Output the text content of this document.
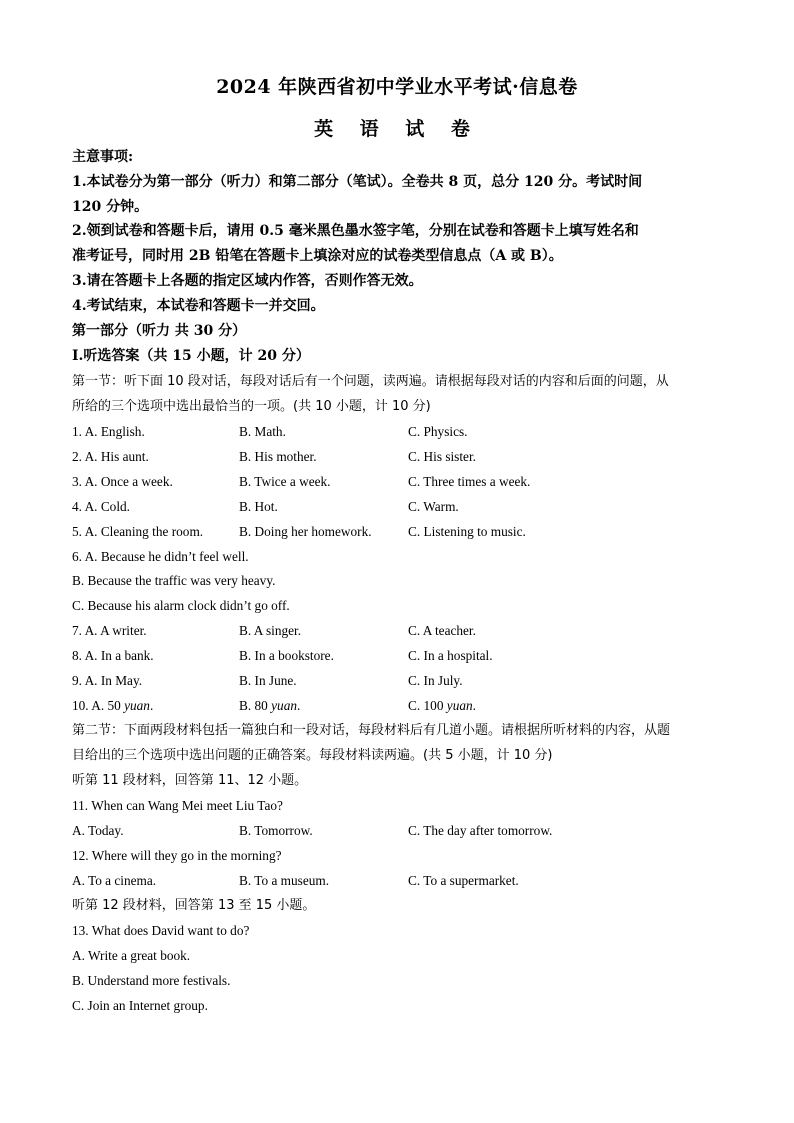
2024 年陕西省初中学业水平考试·信息卷
英 语 试 卷
主意事项:
1.本试卷分为第一部分（听力）和第二部分（笔试）。全卷共 8 页，总分 120 分。考试时间
120 分钟。
2.领到试卷和答题卡后，请用 0.5 毫米黑色墨水签字笔，分别在试卷和答题卡上填写姓名和
准考证号，同时用 2B 铅笔在答题卡上填涂对应的试卷类型信息点（A 或 B）。
3.请在答题卡上各题的指定区域内作答，否则作答无效。
4.考试结束，本试卷和答题卡一并交回。
第一部分（听力 共 30 分）
I.听选答案（共 15 小题，计 20 分）
第一节：听下面 10 段对话，每段对话后有一个问题，读两遍。请根据每段对话的内容和后面的问题，从
所给的三个选项中选出最恰当的一项。(共 10 小题，计 10 分)
1. A. English.	B. Math.	C. Physics.
2. A. His aunt.	B. His mother.	C. His sister.
3. A. Once a week.	B. Twice a week.	C. Three times a week.
4. A. Cold.	B. Hot.	C. Warm.
5. A. Cleaning the room.	B. Doing her homework.	C. Listening to music.
6. A. Because he didn’t feel well.
B. Because the traffic was very heavy.
C. Because his alarm clock didn’t go off.
7. A. A writer.	B. A singer.	C. A teacher.
8. A. In a bank.	B. In a bookstore.	C. In a hospital.
9. A. In May.	B. In June.	C. In July.
10. A. 50 yuan.	B. 80 yuan.	C. 100 yuan.
第二节：下面两段材料包括一篇独白和一段对话，每段材料后有几道小题。请根据所听材料的内容，从题
目给出的三个选项中选出问题的正确答案。每段材料读两遍。(共 5 小题，计 10 分)
听第 11 段材料，回答第 11、12 小题。
11. When can Wang Mei meet Liu Tao?
A. Today.	B. Tomorrow.	C. The day after tomorrow.
12. Where will they go in the morning?
A. To a cinema.	B. To a museum.	C. To a supermarket.
听第 12 段材料，回答第 13 至 15 小题。
13. What does David want to do?
A. Write a great book.
B. Understand more festivals.
C. Join an Internet group.
